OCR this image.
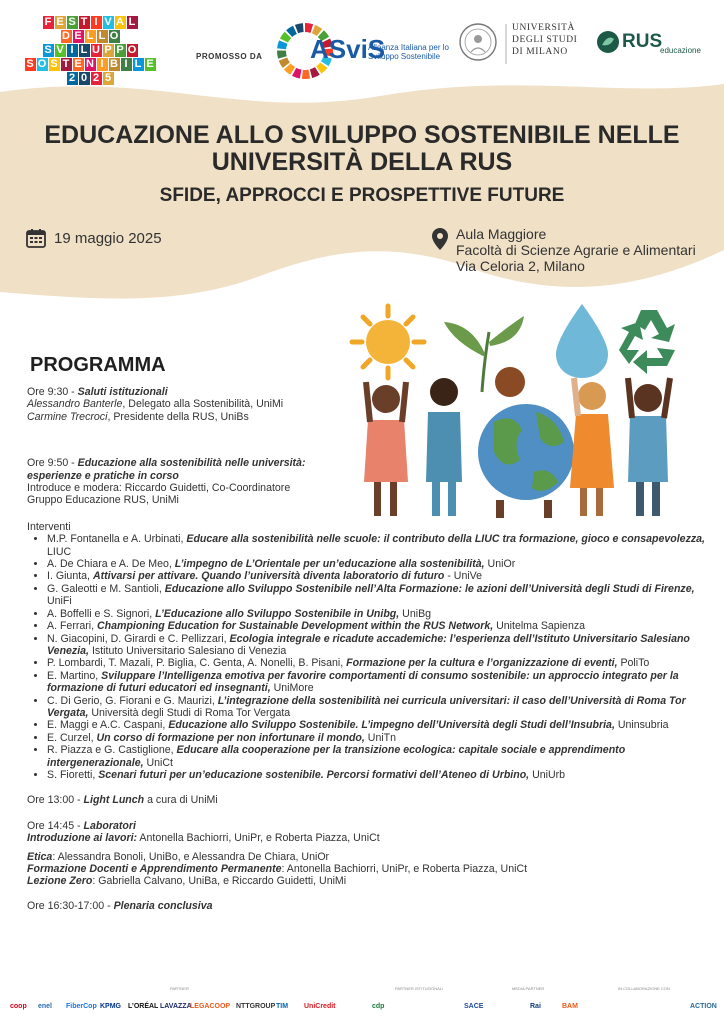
F E S T I V A L
D E L L O
S V I L U P P O
S O S T E N I B I L E
2 0 2 5
PROMOSSO DA ASviS
Alleanza Italiana per lo Sviluppo Sostenibile
UNIVERSITÀ
DEGLI STUDI
DI MILANO	RUS
educazione
EDUCAZIONE ALLO SVILUPPO SOSTENIBILE NELLE
UNIVERSITÀ DELLA RUS
SFIDE, APPROCCI E PROSPETTIVE FUTURE
19 maggio 2025	Aula Maggiore
Facoltà di Scienze Agrarie e Alimentari
Via Celoria 2, Milano
PROGRAMMA
Ore 9:30 - Saluti istituzionali
Alessandro Banterle, Delegato alla Sostenibilità, UniMi
Carmine Trecroci, Presidente della RUS, UniBs
Ore 9:50 - Educazione alla sostenibilità nelle università:
esperienze e pratiche in corso
Introduce e modera: Riccardo Guidetti, Co-Coordinatore
Gruppo Educazione RUS, UniMi
Interventi
• M.P. Fontanella e A. Urbinati, Educare alla sostenibilità nelle scuole: il contributo della LIUC tra formazione, gioco e consapevolezza, LIUC
• A. De Chiara e A. De Meo, L’impegno de L’Orientale per un’educazione alla sostenibilità, UniOr
• I. Giunta, Attivarsi per attivare. Quando l’università diventa laboratorio di futuro - UniVe
• G. Galeotti e M. Santioli, Educazione allo Sviluppo Sostenibile nell’Alta Formazione: le azioni dell’Università degli Studi di Firenze, UniFi
• A. Boffelli e S. Signori, L’Educazione allo Sviluppo Sostenibile in Unibg, UniBg
• A. Ferrari, Championing Education for Sustainable Development within the RUS Network, Unitelma Sapienza
• N. Giacopini, D. Girardi e C. Pellizzari, Ecologia integrale e ricadute accademiche: l’esperienza dell’Istituto Universitario Salesiano Venezia, Istituto Universitario Salesiano di Venezia
• P. Lombardi, T. Mazali, P. Biglia, C. Genta, A. Nonelli, B. Pisani, Formazione per la cultura e l’organizzazione di eventi, PoliTo
• E. Martino, Sviluppare l’Intelligenza emotiva per favorire comportamenti di consumo sostenibile: un approccio integrato per la formazione di futuri educatori ed insegnanti, UniMore
• C. Di Gerio, G. Fiorani e G. Maurizi, L’integrazione della sostenibilità nei curricula universitari: il caso dell’Università di Roma Tor Vergata, Università degli Studi di Roma Tor Vergata
• E. Maggi e A.C. Caspani, Educazione allo Sviluppo Sostenibile. L’impegno dell’Università degli Studi dell’Insubria, Uninsubria
• E. Curzel, Un corso di formazione per non infortunare il mondo, UniTn
• R. Piazza e G. Castiglione, Educare alla cooperazione per la transizione ecologica: capitale sociale e apprendimento intergenerazionale, UniCt
• S. Fioretti, Scenari futuri per un’educazione sostenibile. Percorsi formativi dell’Ateneo di Urbino, UniUrb
Ore 13:00 - Light Lunch a cura di UniMi
Ore 14:45 - Laboratori
Introduzione ai lavori: Antonella Bachiorri, UniPr, e Roberta Piazza, UniCt
Etica: Alessandra Bonoli, UniBo, e Alessandra De Chiara, UniOr
Formazione Docenti e Apprendimento Permanente: Antonella Bachiorri, UniPr, e Roberta Piazza, UniCt
Lezione Zero: Gabriella Calvano, UniBa, e Riccardo Guidetti, UniMi
Ore 16:30-17:00 - Plenaria conclusiva
PARTNER	PARTNER ISTITUZIONALI	MEDIA PARTNER	IN COLLABORAZIONE CON
coop enel FiberCop KPMG L’ORÉAL LAVAZZA
LEGACOOP NTTGROUP TIM UniCredit	cdp	SACE	Rai	BAM	ACTION
